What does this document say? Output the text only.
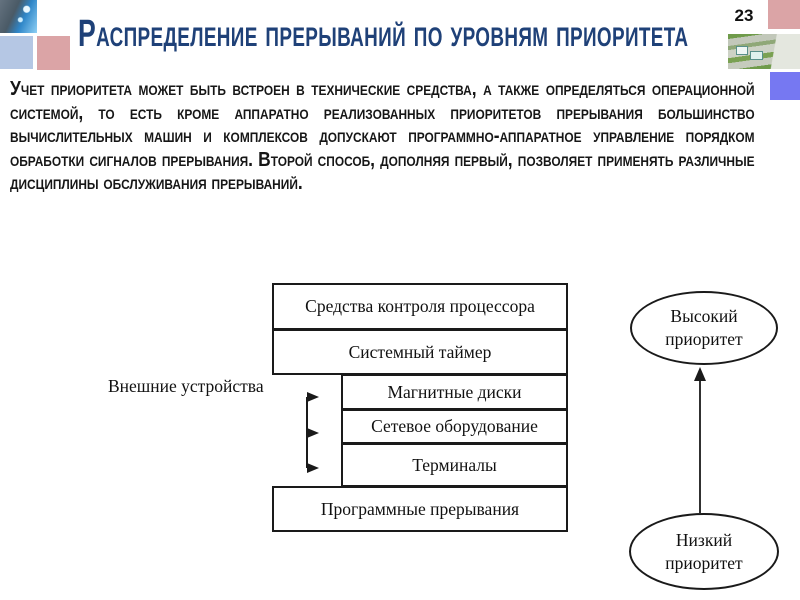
23
Распределение прерываний по уровням приоритета

Учет приоритета может быть встроен в технические средства, а также определяться операционной системой, то есть кроме аппаратно реализованных приоритетов прерывания большинство вычислительных машин и комплексов допускают программно-аппаратное управление порядком обработки сигналов прерывания. Второй способ, дополняя первый, позволяет применять различные дисциплины обслуживания прерываний.

Средства контроля процессора
Системный таймер
Магнитные диски
Сетевое оборудование
Терминалы
Программные прерывания
Внешние устройства
Высокий приоритет
Низкий приоритет
